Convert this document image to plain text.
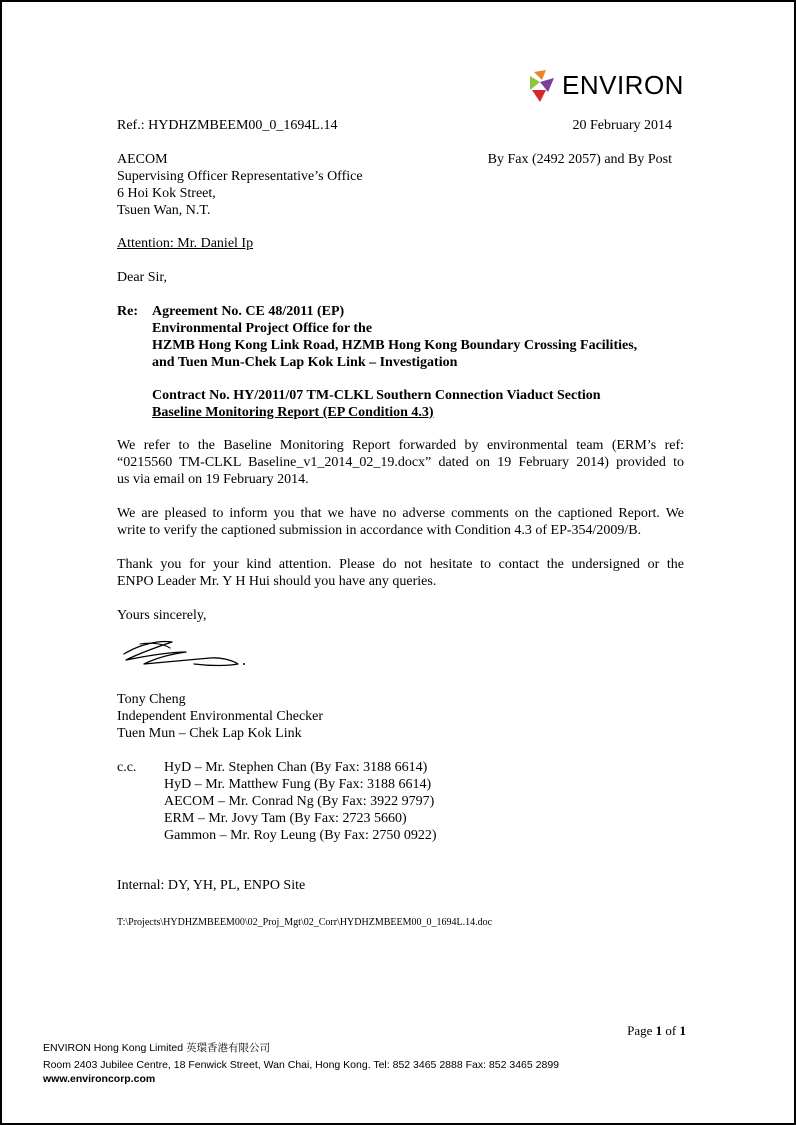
ENVIRON
Ref.: HYDHZMBEEM00_0_1694L.14	20 February 2014
AECOM
Supervising Officer Representative’s Office
6 Hoi Kok Street,
Tsuen Wan, N.T.
By Fax (2492 2057) and By Post
Attention: Mr. Daniel Ip
Dear Sir,
Re: Agreement No. CE 48/2011 (EP)
Environmental Project Office for the
HZMB Hong Kong Link Road, HZMB Hong Kong Boundary Crossing Facilities,
and Tuen Mun-Chek Lap Kok Link – Investigation
Contract No. HY/2011/07 TM-CLKL Southern Connection Viaduct Section
Baseline Monitoring Report (EP Condition 4.3)
We refer to the Baseline Monitoring Report forwarded by environmental team (ERM’s ref:
“0215560 TM-CLKL Baseline_v1_2014_02_19.docx” dated on 19 February 2014) provided to
us via email on 19 February 2014.
We are pleased to inform you that we have no adverse comments on the captioned Report. We
write to verify the captioned submission in accordance with Condition 4.3 of EP-354/2009/B.
Thank you for your kind attention. Please do not hesitate to contact the undersigned or the
ENPO Leader Mr. Y H Hui should you have any queries.
Yours sincerely,
Tony Cheng
Independent Environmental Checker
Tuen Mun – Chek Lap Kok Link
c.c. HyD – Mr. Stephen Chan (By Fax: 3188 6614)
HyD – Mr. Matthew Fung (By Fax: 3188 6614)
AECOM – Mr. Conrad Ng (By Fax: 3922 9797)
ERM – Mr. Jovy Tam (By Fax: 2723 5660)
Gammon – Mr. Roy Leung (By Fax: 2750 0922)
Internal: DY, YH, PL, ENPO Site
T:\Projects\HYDHZMBEEM00\02_Proj_Mgt\02_Corr\HYDHZMBEEM00_0_1694L.14.doc
Page 1 of 1
ENVIRON Hong Kong Limited 英環香港有限公司
Room 2403 Jubilee Centre, 18 Fenwick Street, Wan Chai, Hong Kong. Tel: 852 3465 2888 Fax: 852 3465 2899
www.environcorp.com
